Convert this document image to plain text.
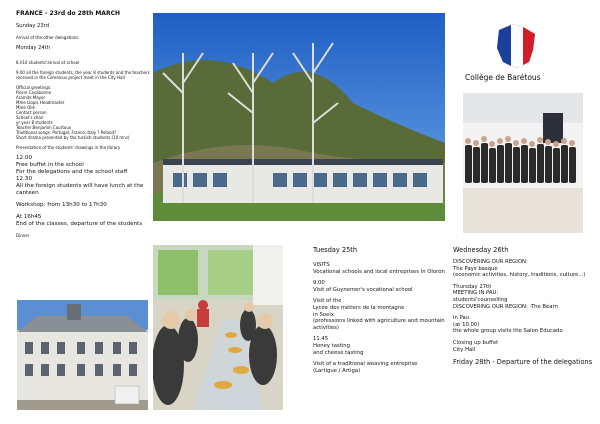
FRANCE - 23rd do 28th MARCH

Sunday 23rd

Arrival of the other delegations

Monday 24th

8.h10 students'arrival at school

9.00 all the foreign students, the year 8 students and the teachers received in the Comenius project meet in the City Hall

Official greetings:

Pierre Casabonne

Aramits Mayor

Mme Llopis Headmaster

Mme Olié

Contact person

School's choir

yr year 8 students

Teacher:Benjamin Courtoux

Traditional songs: Portugal, France, Italy ? Poland?

Short drama presented by the turkish students (10 mns)

Presentation of the students' drawings in the library

12.00

Free buffet in the school

For the delegations and the school staff

12.30

All the foreign students will have lunch at the canteen

Workshop: from 13h30 to 17h30

At 16h45

End of the classes, departure of the students

Dinner

Collège de Barétous

Tuesday 25th

VISITS

Vocational schools and local entreprises in Oloron

9.00

Visit of Guynemer's vocational school

Visit of the

Lycée des métiers de la montagne

in Soeix

(professions linked with agriculture and mountain activities)

11.45

Honey tasting

and cheese tasting

Visit of a traditional weaving entreprise

(Lartigue / Artiga)

Wednesday 26th

DISCOVERING OUR REGION:

The Pays basque

(economic activities, history, traditions, culture...)

Thursday 27th

MEETING IN PAU:

students'counselling

DISCOVERING OUR REGION: -The Béarn

In Pau

(at 10.00)

the whole group visits the Salon Educado

Closing up buffet

City Hall

Friday 28th - Departure of the delegations
